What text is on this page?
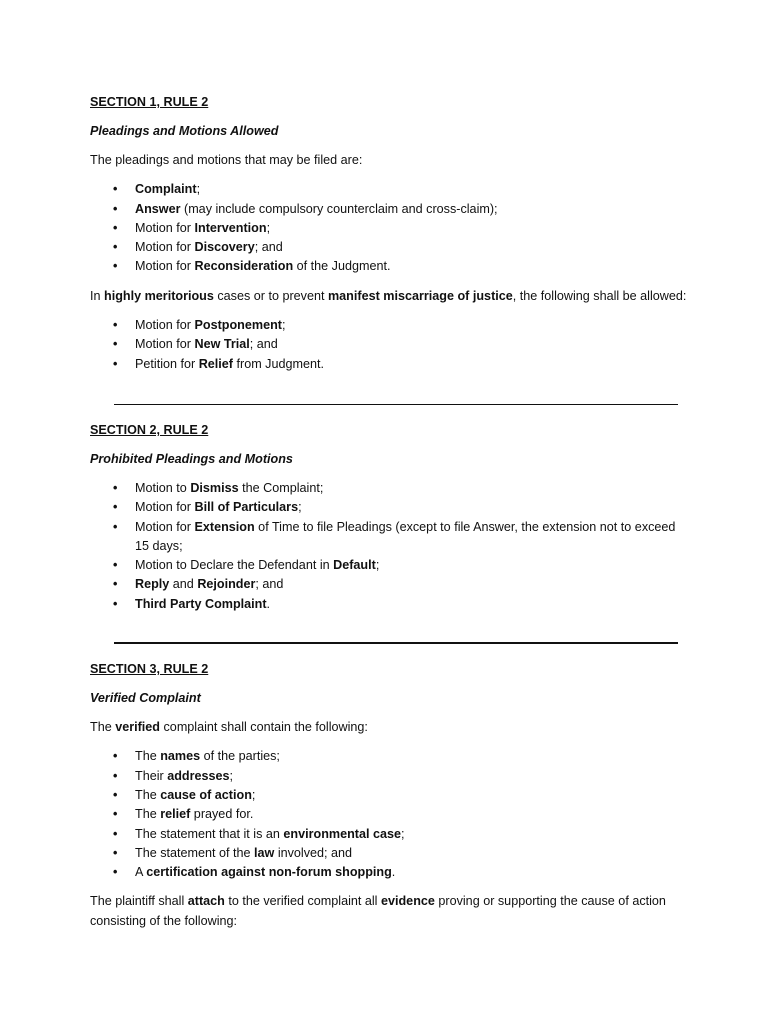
SECTION 1, RULE 2
Pleadings and Motions Allowed

The pleadings and motions that may be filed are:

• Complaint;
• Answer (may include compulsory counterclaim and cross-claim);
• Motion for Intervention;
• Motion for Discovery; and
• Motion for Reconsideration of the Judgment.

In highly meritorious cases or to prevent manifest miscarriage of justice, the following shall be allowed:

• Motion for Postponement;
• Motion for New Trial; and
• Petition for Relief from Judgment.
SECTION 2, RULE 2
Prohibited Pleadings and Motions
• Motion to Dismiss the Complaint;
• Motion for Bill of Particulars;
• Motion for Extension of Time to file Pleadings (except to file Answer, the extension not to exceed 15 days;
• Motion to Declare the Defendant in Default;
• Reply and Rejoinder; and
• Third Party Complaint.
SECTION 3, RULE 2
Verified Complaint

The verified complaint shall contain the following:

• The names of the parties;
• Their addresses;
• The cause of action;
• The relief prayed for.
• The statement that it is an environmental case;
• The statement of the law involved; and
• A certification against non-forum shopping.

The plaintiff shall attach to the verified complaint all evidence proving or supporting the cause of action consisting of the following:
